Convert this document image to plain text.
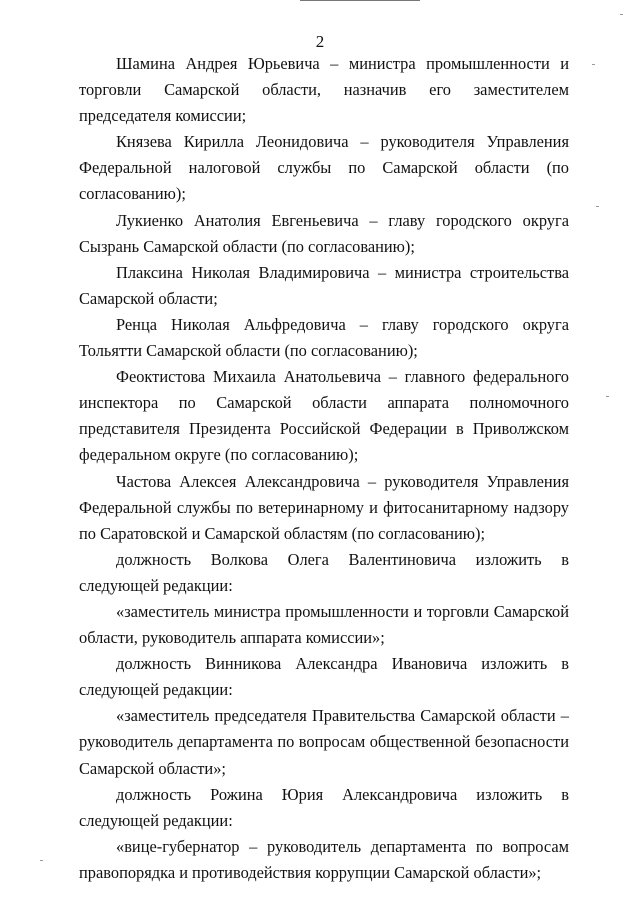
2

Шамина Андрея Юрьевича – министра промышленности и торговли Самарской области, назначив его заместителем председателя комиссии;

Князева Кирилла Леонидовича – руководителя Управления Федеральной налоговой службы по Самарской области (по согласованию);

Лукиенко Анатолия Евгеньевича – главу городского округа Сызрань Самарской области (по согласованию);

Плаксина Николая Владимировича – министра строительства Самарской области;

Ренца Николая Альфредовича – главу городского округа Тольятти Самарской области (по согласованию);

Феоктистова Михаила Анатольевича – главного федерального инспектора по Самарской области аппарата полномочного представителя Президента Российской Федерации в Приволжском федеральном округе (по согласованию);

Частова Алексея Александровича – руководителя Управления Федеральной службы по ветеринарному и фитосанитарному надзору по Саратовской и Самарской областям (по согласованию);

должность Волкова Олега Валентиновича изложить в следующей редакции:

«заместитель министра промышленности и торговли Самарской области, руководитель аппарата комиссии»;

должность Винникова Александра Ивановича изложить в следующей редакции:

«заместитель председателя Правительства Самарской области – руководитель департамента по вопросам общественной безопасности Самарской области»;

должность Рожина Юрия Александровича изложить в следующей редакции:

«вице-губернатор – руководитель департамента по вопросам правопорядка и противодействия коррупции Самарской области»;
